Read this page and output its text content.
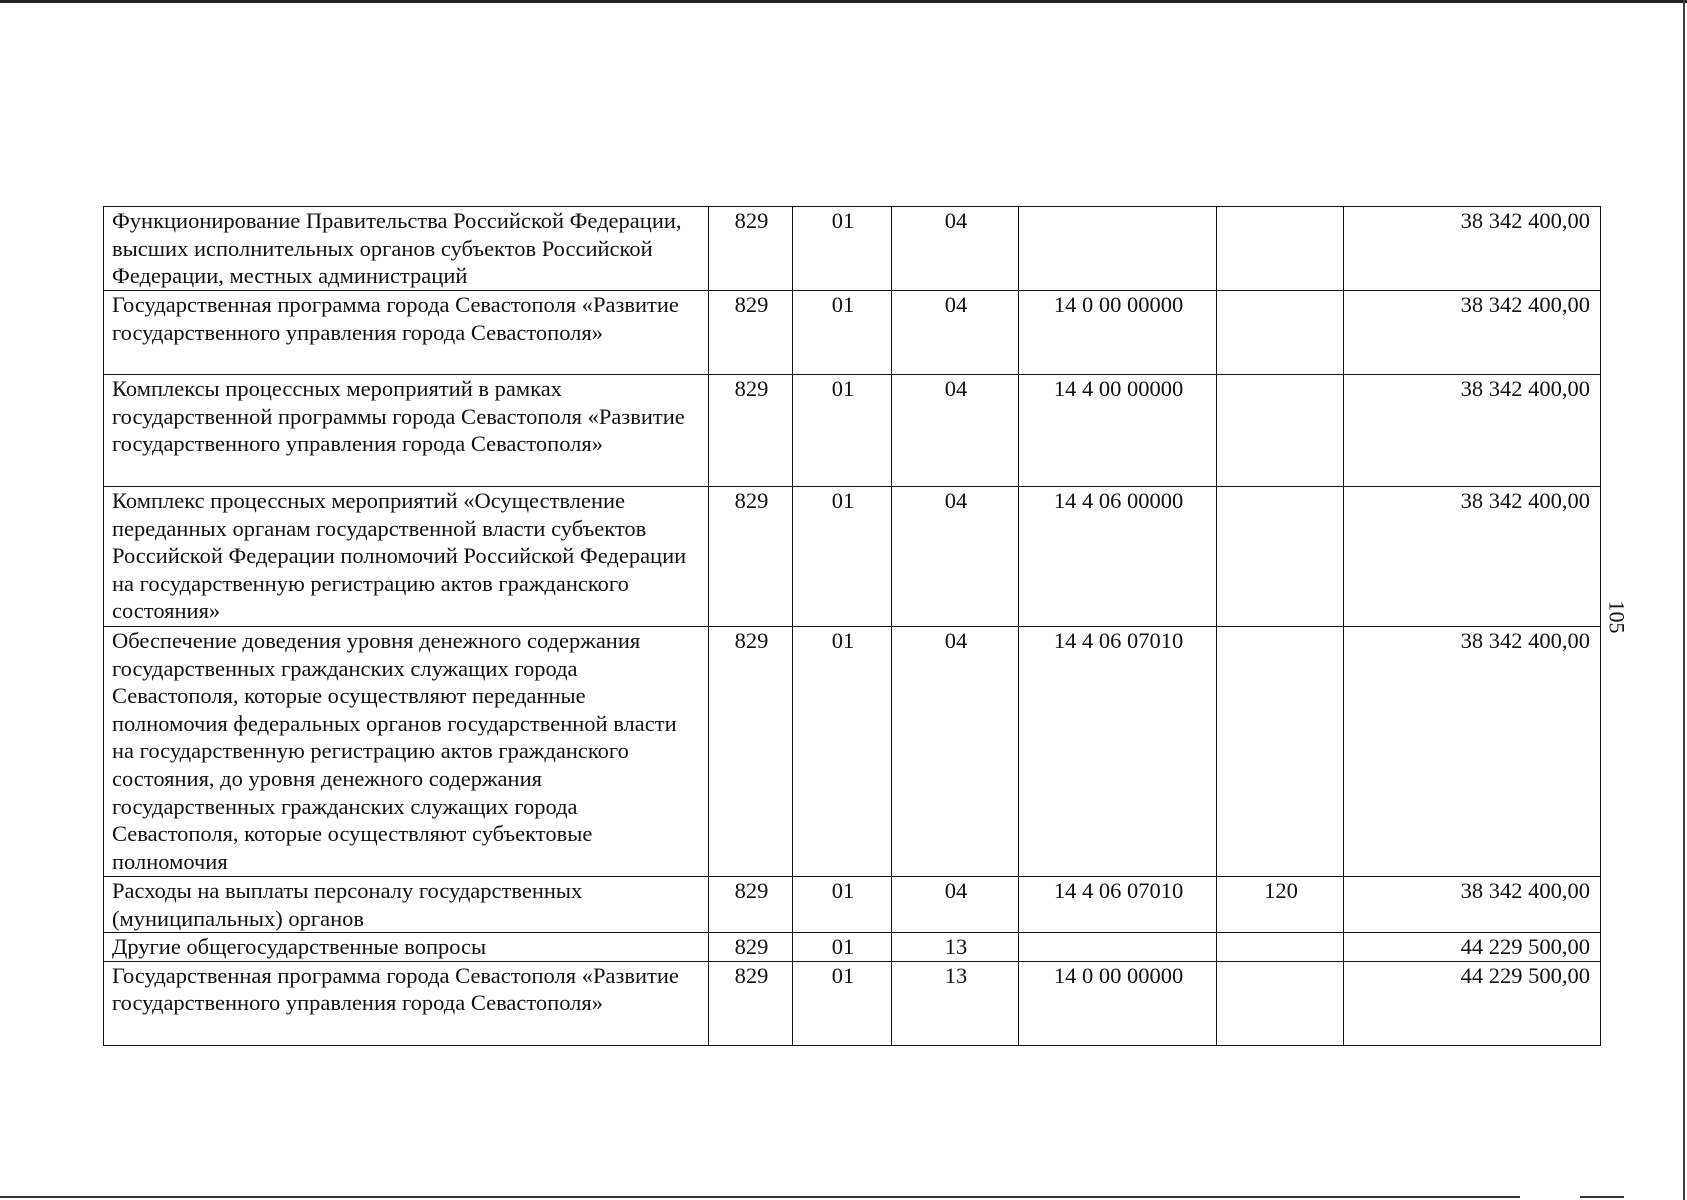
Функционирование Правительства Российской Федерации, высших исполнительных органов субъектов Российской Федерации, местных администраций	829	01	04			38 342 400,00
Государственная программа города Севастополя «Развитие государственного управления города Севастополя»	829	01	04	14 0 00 00000		38 342 400,00
Комплексы процессных мероприятий в рамках государственной программы города Севастополя «Развитие государственного управления города Севастополя»	829	01	04	14 4 00 00000		38 342 400,00
Комплекс процессных мероприятий «Осуществление переданных органам государственной власти субъектов Российской Федерации полномочий Российской Федерации на государственную регистрацию актов гражданского состояния»	829	01	04	14 4 06 00000		38 342 400,00
Обеспечение доведения уровня денежного содержания государственных гражданских служащих города Севастополя, которые осуществляют переданные полномочия федеральных органов государственной власти на государственную регистрацию актов гражданского состояния, до уровня денежного содержания государственных гражданских служащих города Севастополя, которые осуществляют субъектовые полномочия	829	01	04	14 4 06 07010		38 342 400,00
Расходы на выплаты персоналу государственных (муниципальных) органов	829	01	04	14 4 06 07010	120	38 342 400,00
Другие общегосударственные вопросы	829	01	13			44 229 500,00
Государственная программа города Севастополя «Развитие государственного управления города Севастополя»	829	01	13	14 0 00 00000		44 229 500,00
105
